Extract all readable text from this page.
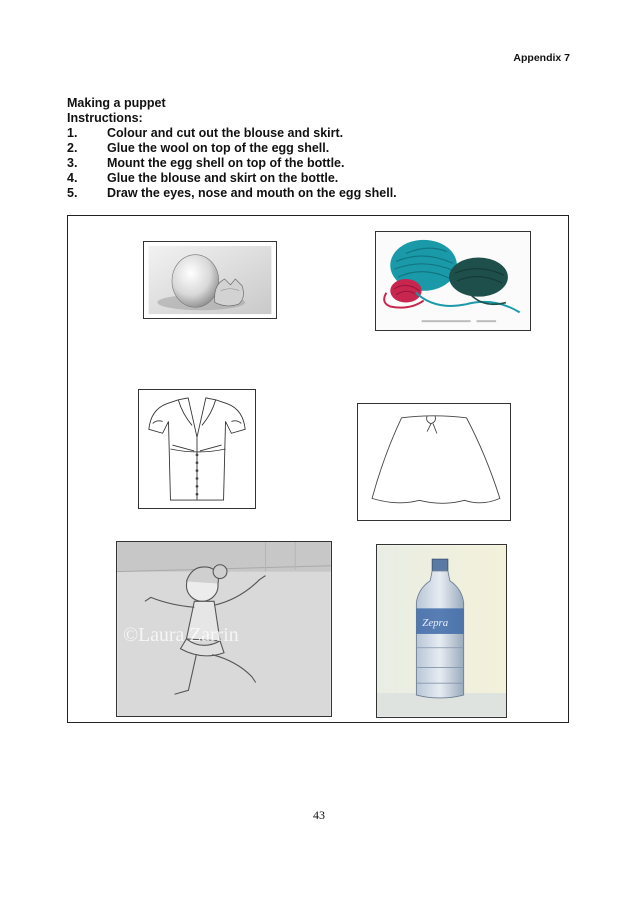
Appendix 7
Making a puppet
Instructions:
1.	Colour and cut out the blouse and skirt.
2.	Glue the wool on top of the egg shell.
3.	Mount the egg shell on top of the bottle.
4.	Glue the blouse and skirt on the bottle.
5.	Draw the eyes, nose and mouth on the egg shell.
©Laura Zarrin
Zepra
43
